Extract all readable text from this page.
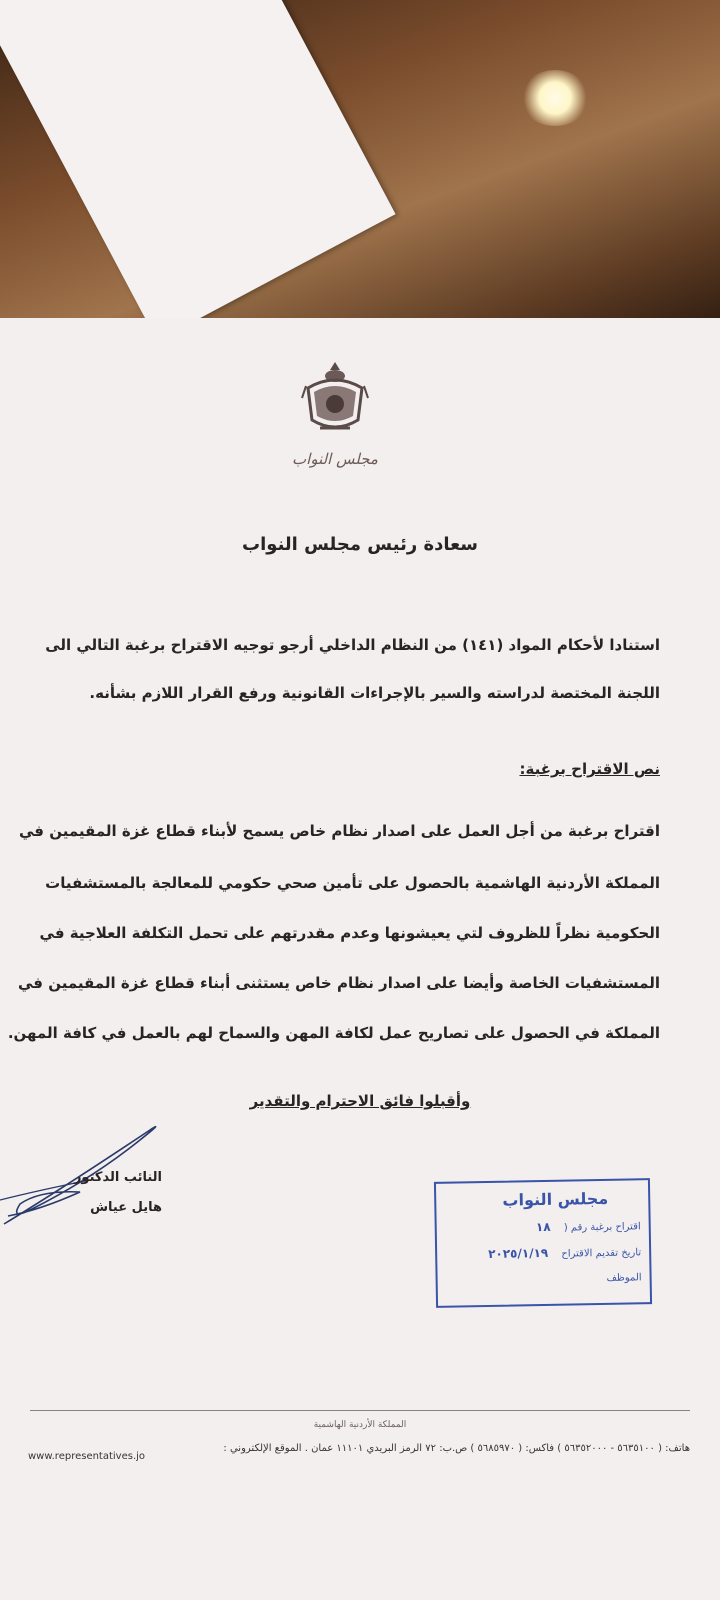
مجلس النواب
سعادة رئيس مجلس النواب
استنادا لأحكام المواد (١٤١) من النظام الداخلي أرجو توجيه الاقتراح برغبة التالي الى
اللجنة المختصة لدراسته والسير بالإجراءات القانونية ورفع القرار اللازم بشأنه.
نص الاقتراح برغبة:
اقتراح برغبة من أجل العمل على اصدار نظام خاص يسمح لأبناء قطاع غزة المقيمين في
المملكة الأردنية الهاشمية بالحصول على تأمين صحي حكومي للمعالجة بالمستشفيات
الحكومية نظراً للظروف لتي يعيشونها وعدم مقدرتهم على تحمل التكلفة العلاجية في
المستشفيات الخاصة وأيضا على اصدار نظام خاص يستثنى أبناء قطاع غزة المقيمين في
المملكة في الحصول على تصاريح عمل لكافة المهن والسماح لهم بالعمل في كافة المهن.
وأقبلوا فائق الاحترام والتقدير
النائب الدكتور
هايل عياش	مجلس النواب
اقتراح برغبة رقم ( ١٨
تاريخ تقديم الاقتراح ٢٠٢٥/١/١٩
الموظف
المملكة الأردنية الهاشمية
هاتف: ( ٥٦٣٥١٠٠ - ٥٦٣٥٢٠٠٠ ) فاكس: ( ٥٦٨٥٩٧٠ ) ص.ب: ٧٢ الرمز البريدي ١١١٠١ عمان . الموقع الإلكتروني :
www.representatives.jo
